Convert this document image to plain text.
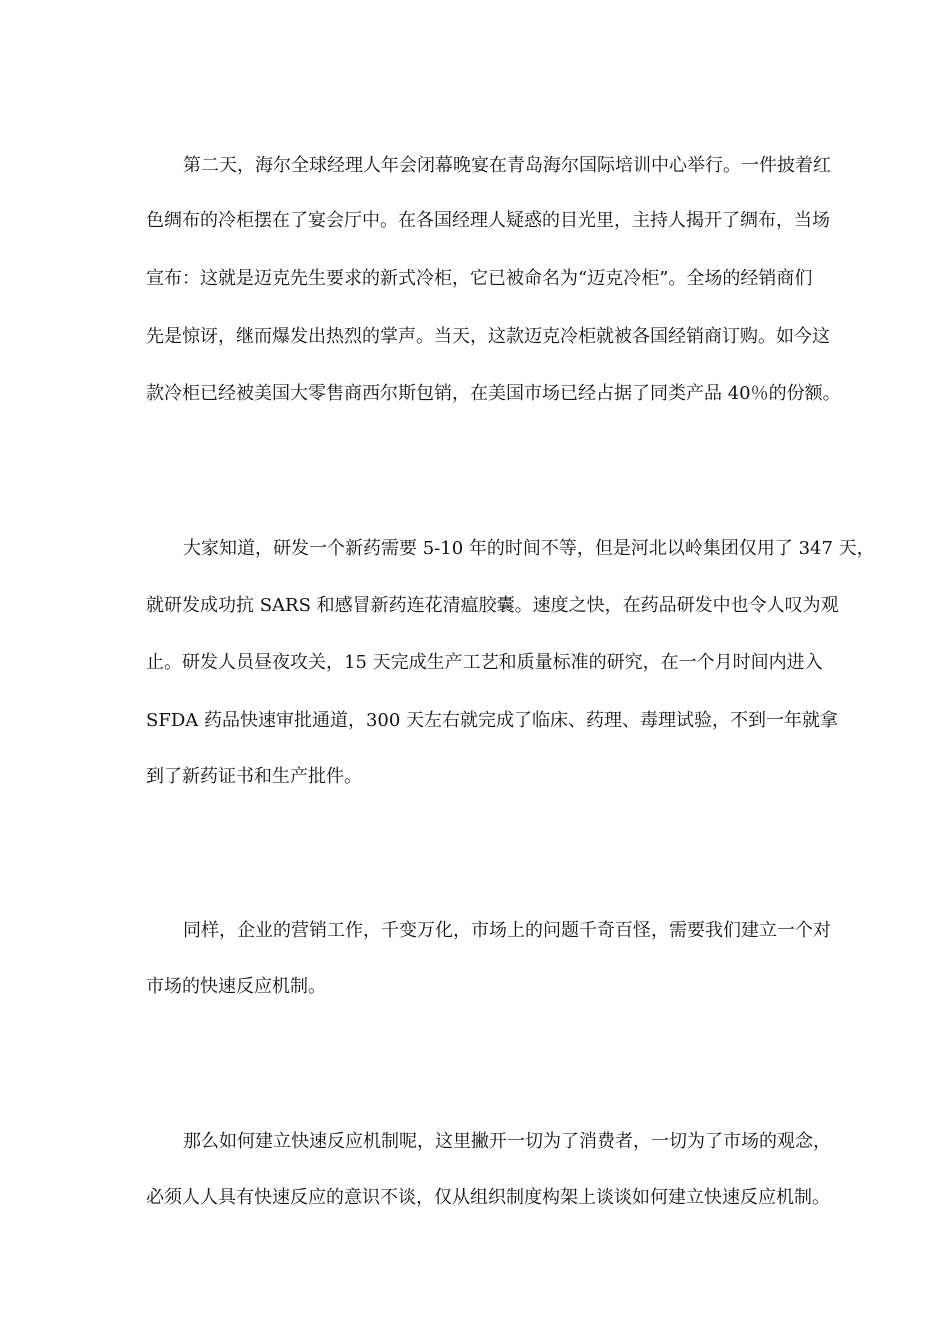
第二天，海尔全球经理人年会闭幕晚宴在青岛海尔国际培训中心举行。一件披着红
色绸布的冷柜摆在了宴会厅中。在各国经理人疑惑的目光里，主持人揭开了绸布，当场
宣布：这就是迈克先生要求的新式冷柜，它已被命名为“迈克冷柜”。全场的经销商们
先是惊讶，继而爆发出热烈的掌声。当天，这款迈克冷柜就被各国经销商订购。如今这
款冷柜已经被美国大零售商西尔斯包销，在美国市场已经占据了同类产品 40％的份额。
大家知道，研发一个新药需要 5-10 年的时间不等，但是河北以岭集团仅用了 347 天，
就研发成功抗 SARS 和感冒新药连花清瘟胶囊。速度之快，在药品研发中也令人叹为观
止。研发人员昼夜攻关，15 天完成生产工艺和质量标准的研究，在一个月时间内进入
SFDA 药品快速审批通道，300 天左右就完成了临床、药理、毒理试验，不到一年就拿
到了新药证书和生产批件。
同样，企业的营销工作，千变万化，市场上的问题千奇百怪，需要我们建立一个对
市场的快速反应机制。
那么如何建立快速反应机制呢，这里撇开一切为了消费者，一切为了市场的观念，
必须人人具有快速反应的意识不谈，仅从组织制度构架上谈谈如何建立快速反应机制。
